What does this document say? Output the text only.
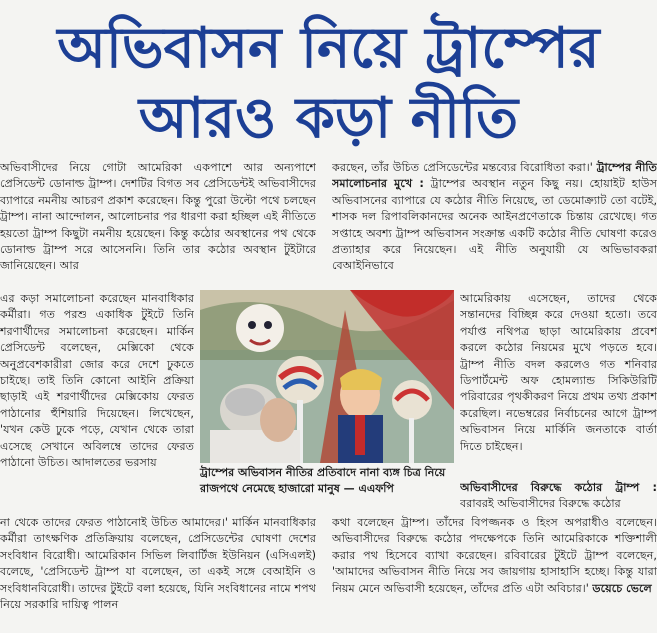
অভিবাসন নিয়ে ট্রাম্পের
আরও কড়া নীতি

অভিবাসীদের নিয়ে গোটা আমেরিকা একপাশে আর অন্যপাশে প্রেসিডেন্ট ডোনাল্ড ট্রাম্প। দেশটির বিগত সব প্রেসিডেন্টই অভিবাসীদের ব্যাপারে নমনীয় আচরণ প্রকাশ করেছেন। কিন্তু পুরো উল্টো পথে চলছেন ট্রাম্প। নানা আন্দোলন, আলোচনার পর ধারণা করা হচ্ছিল এই নীতিতে হয়তো ট্রাম্প কিছুটা নমনীয় হয়েছেন। কিন্তু কঠোর অবস্থানের পথ থেকে ডোনাল্ড ট্রাম্প সরে আসেননি। তিনি তার কঠোর অবস্থান টুইটারে জানিয়েছেন। আর

এর কড়া সমালোচনা করেছেন মানবাধিকার কর্মীরা। গত পরশু একাধিক টুইটে তিনি শরণার্থীদের সমালোচনা করেছেন। মার্কিন প্রেসিডেন্ট বলেছেন, মেক্সিকো থেকে অনুপ্রবেশকারীরা জোর করে দেশে ঢুকতে চাইছে। তাই তিনি কোনো আইনি প্রক্রিয়া ছাড়াই এই শরণার্থীদের মেক্সিকোয় ফেরত পাঠানোর হুঁশিয়ারি দিয়েছেন। লিখেছেন, 'যখন কেউ ঢুকে পড়ে, যেখান থেকে তারা এসেছে সেখানে অবিলম্বে তাদের ফেরত পাঠানো উচিত। আদালতের ভরসায়

না থেকে তাদের ফেরত পাঠানোই উচিত আমাদের।' মার্কিন মানবাধিকার কর্মীরা তাৎক্ষণিক প্রতিক্রিয়ায় বলেছেন, প্রেসিডেন্টের ঘোষণা দেশের সংবিধান বিরোধী। আমেরিকান সিভিল লিবার্টিজ ইউনিয়ন (এসিএলই) বলেছে, 'প্রেসিডেন্ট ট্রাম্প যা বলেছেন, তা একই সঙ্গে বেআইনি ও সংবিধানবিরোধী। তাদের টুইটে বলা হয়েছে, যিনি সংবিধানের নামে শপথ নিয়ে সরকারি দায়িত্ব পালন

করছেন, তাঁর উচিত প্রেসিডেন্টের মন্তব্যের বিরোধিতা করা।' ট্রাম্পের নীতি সমালোচনার মুখে : ট্রাম্পের অবস্থান নতুন কিছু নয়। হোয়াইট হাউস অভিবাসনের ব্যাপারে যে কঠোর নীতি নিয়েছে, তা ডেমোক্র্যাট তো বটেই, শাসক দল রিপাবলিকানদের অনেক আইনপ্রণেতাকে চিন্তায় রেখেছে। গত সপ্তাহে অবশ্য ট্রাম্প অভিবাসন সংক্রান্ত একটি কঠোর নীতি ঘোষণা করেও প্রত্যাহার করে নিয়েছেন। এই নীতি অনুযায়ী যে অভিভাবকরা বেআইনিভাবে

আমেরিকায় এসেছেন, তাদের থেকে সন্তানদের বিচ্ছিন্ন করে দেওয়া হতো। তবে পর্যাপ্ত নথিপত্র ছাড়া আমেরিকায় প্রবেশ করলে কঠোর নিয়মের মুখে পড়তে হবে। ট্রাম্প নীতি বদল করলেও গত শনিবার ডিপার্টমেন্ট অফ হোমল্যান্ড সিকিউরিটি পরিবারের পৃথকীকরণ নিয়ে প্রথম তথ্য প্রকাশ করেছিল। নভেম্বরের নির্বাচনের আগে ট্রাম্প অভিবাসন নিয়ে মার্কিনি জনতাকে বার্তা দিতে চাইছেন।

অভিবাসীদের বিরুদ্ধে কঠোর ট্রাম্প : বরাবরই অভিবাসীদের বিরুদ্ধে কঠোর

কথা বলেছেন ট্রাম্প। তাঁদের বিপজ্জনক ও হিংস অপরাধীও বলেছেন। অভিবাসীদের বিরুদ্ধে কঠোর পদক্ষেপকে তিনি আমেরিকাকে শক্তিশালী করার পথ হিসেবে ব্যাখা করেছেন। রবিবারের টুইটে ট্রাম্প বলেছেন, 'আমাদের অভিবাসন নীতি নিয়ে সব জায়গায় হাসাহাসি হচ্ছে। কিন্তু যারা নিয়ম মেনে অভিবাসী হয়েছেন, তাঁদের প্রতি এটা অবিচার।' ডয়েচে ভেলে

ট্রাম্পের অভিবাসন নীতির প্রতিবাদে নানা ব্যঙ্গ চিত্র নিয়ে রাজপথে নেমেছে হাজারো মানুষ — এএফপি
